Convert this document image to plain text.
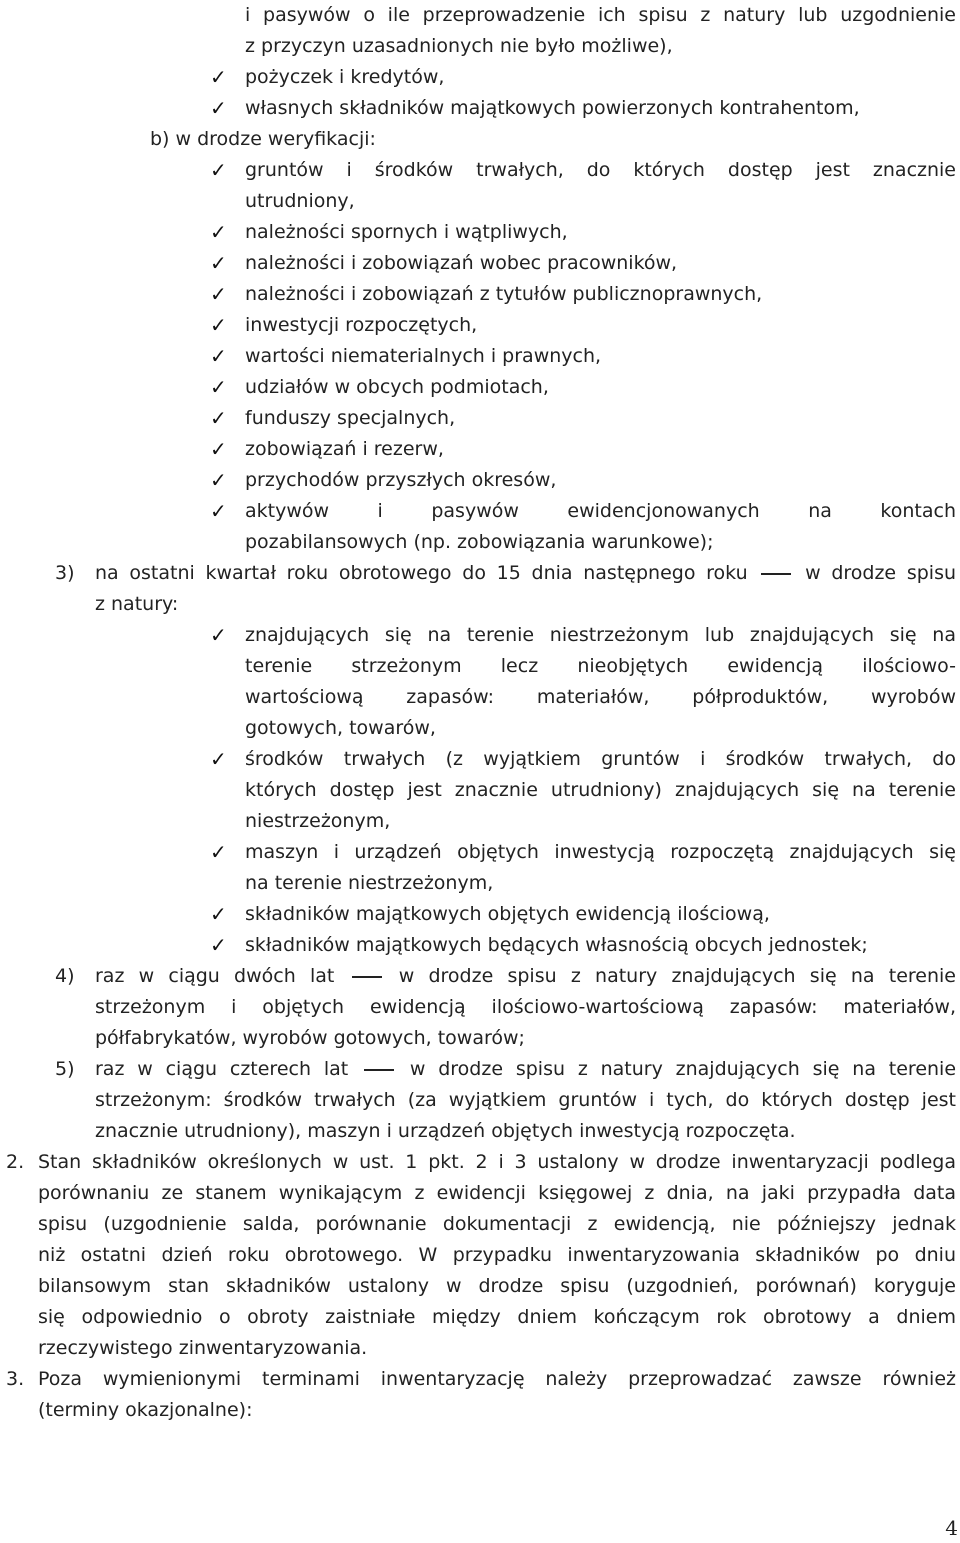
i pasywów o ile przeprowadzenie ich spisu z natury lub uzgodnienie
z przyczyn uzasadnionych nie było możliwe),
✓ pożyczek i kredytów,
✓ własnych składników majątkowych powierzonych kontrahentom,
b) w drodze weryfikacji:
✓ gruntów i środków trwałych, do których dostęp jest znacznie
utrudniony,
✓ należności spornych i wątpliwych,
✓ należności i zobowiązań wobec pracowników,
✓ należności i zobowiązań z tytułów publicznoprawnych,
✓ inwestycji rozpoczętych,
✓ wartości niematerialnych i prawnych,
✓ udziałów w obcych podmiotach,
✓ funduszy specjalnych,
✓ zobowiązań i rezerw,
✓ przychodów przyszłych okresów,
✓ aktywów i pasywów ewidencjonowanych na kontach
pozabilansowych (np. zobowiązania warunkowe);
3) na ostatni kwartał roku obrotowego do 15 dnia następnego roku	w drodze spisu
z natury:
✓ znajdujących się na terenie niestrzeżonym lub znajdujących się na
terenie strzeżonym lecz nieobjętych ewidencją ilościowo-
wartościową zapasów: materiałów, półproduktów, wyrobów
gotowych, towarów,
✓ środków trwałych (z wyjątkiem gruntów i środków trwałych, do
których dostęp jest znacznie utrudniony) znajdujących się na terenie
niestrzeżonym,
✓ maszyn i urządzeń objętych inwestycją rozpoczętą znajdujących się
na terenie niestrzeżonym,
✓ składników majątkowych objętych ewidencją ilościową,
✓ składników majątkowych będących własnością obcych jednostek;
4) raz w ciągu dwóch lat	w drodze spisu z natury znajdujących się na terenie
strzeżonym i objętych ewidencją ilościowo-wartościową zapasów: materiałów,
półfabrykatów, wyrobów gotowych, towarów;
5) raz w ciągu czterech lat	w drodze spisu z natury znajdujących się na terenie
strzeżonym: środków trwałych (za wyjątkiem gruntów i tych, do których dostęp jest
znacznie utrudniony), maszyn i urządzeń objętych inwestycją rozpoczęta.
2. Stan składników określonych w ust. 1 pkt. 2 i 3 ustalony w drodze inwentaryzacji podlega
porównaniu ze stanem wynikającym z ewidencji księgowej z dnia, na jaki przypadła data
spisu (uzgodnienie salda, porównanie dokumentacji z ewidencją, nie późniejszy jednak
niż ostatni dzień roku obrotowego. W przypadku inwentaryzowania składników po dniu
bilansowym stan składników ustalony w drodze spisu (uzgodnień, porównań) koryguje
się odpowiednio o obroty zaistniałe między dniem kończącym rok obrotowy a dniem
rzeczywistego zinwentaryzowania.
3. Poza wymienionymi terminami inwentaryzację należy przeprowadzać zawsze również
(terminy okazjonalne):
4
